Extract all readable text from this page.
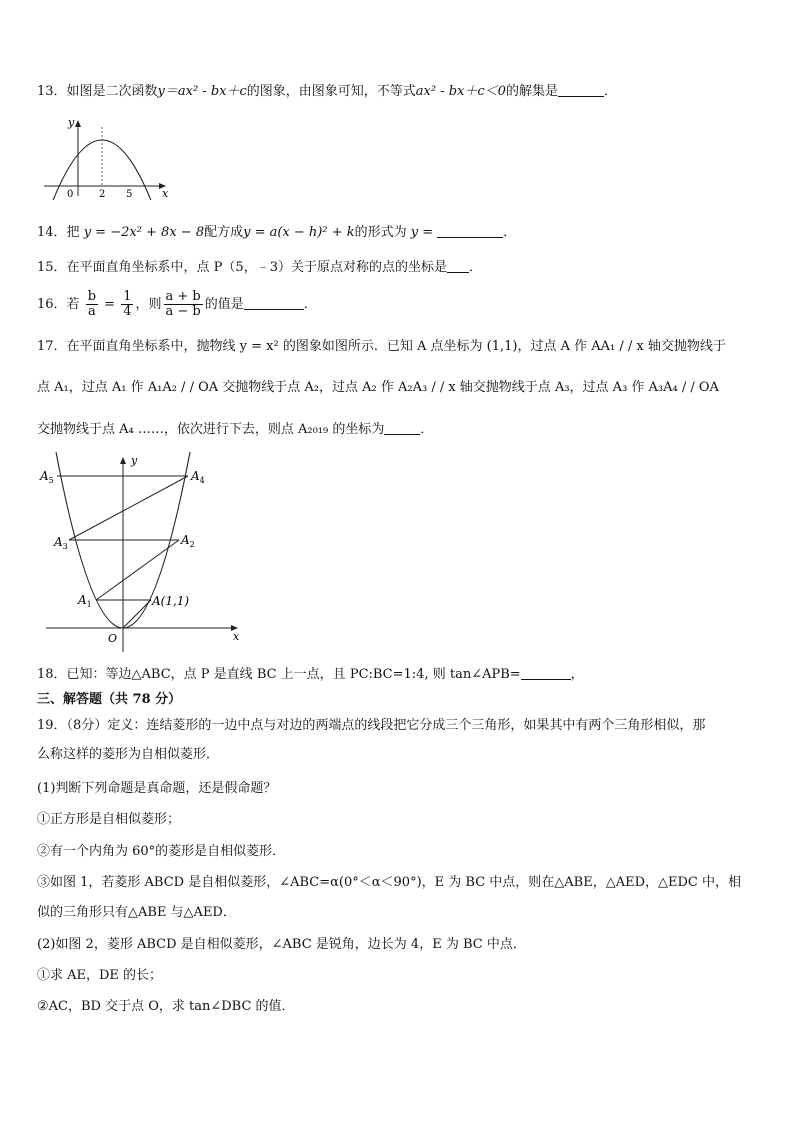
13．如图是二次函数y＝ax² - bx＋c的图象，由图象可知，不等式ax² - bx＋c＜0的解集是	．
y
x
0	2 5
14．把 y = −2x² + 8x − 8配方成y = a(x − h)² + k的形式为 y =	．
15．在平面直角坐标系中，点 P（5，﹣3）关于原点对称的点的坐标是 ．
16．若 $\frac{b}{a} = \frac{1}{4}$ ，则 $\frac{a + b}{a - b}$ 的值是	．
17．在平面直角坐标系中，抛物线 y = x² 的图象如图所示．已知 A 点坐标为 (1,1)，过点 A 作 AA₁ / / x 轴交抛物线于
点 A₁，过点 A₁ 作 A₁A₂ / / OA 交抛物线于点 A₂，过点 A₂ 作 A₂A₃ / / x 轴交抛物线于点 A₃，过点 A₃ 作 A₃A₄ / / OA
交抛物线于点 A₄ ……，依次进行下去，则点 A₂₀₁₉ 的坐标为	．
y
x
O
$A_5$	$A_4$
$A_3$	$A_2$
$A_1$	A(1,1)
18．已知：等边△ABC，点 P 是直线 BC 上一点，且 PC:BC=1:4, 则 tan∠APB=	，
三、解答题（共 78 分）
19．（8分）定义：连结菱形的一边中点与对边的两端点的线段把它分成三个三角形，如果其中有两个三角形相似，那
么称这样的菱形为自相似菱形．
(1)判断下列命题是真命题，还是假命题？
①正方形是自相似菱形；
②有一个内角为 60°的菱形是自相似菱形．
③如图 1，若菱形 ABCD 是自相似菱形，∠ABC=α(0°＜α＜90°)，E 为 BC 中点，则在△ABE，△AED，△EDC 中，相
似的三角形只有△ABE 与△AED．
(2)如图 2，菱形 ABCD 是自相似菱形，∠ABC 是锐角，边长为 4，E 为 BC 中点．
①求 AE，DE 的长；
②AC，BD 交于点 O，求 tan∠DBC 的值．
